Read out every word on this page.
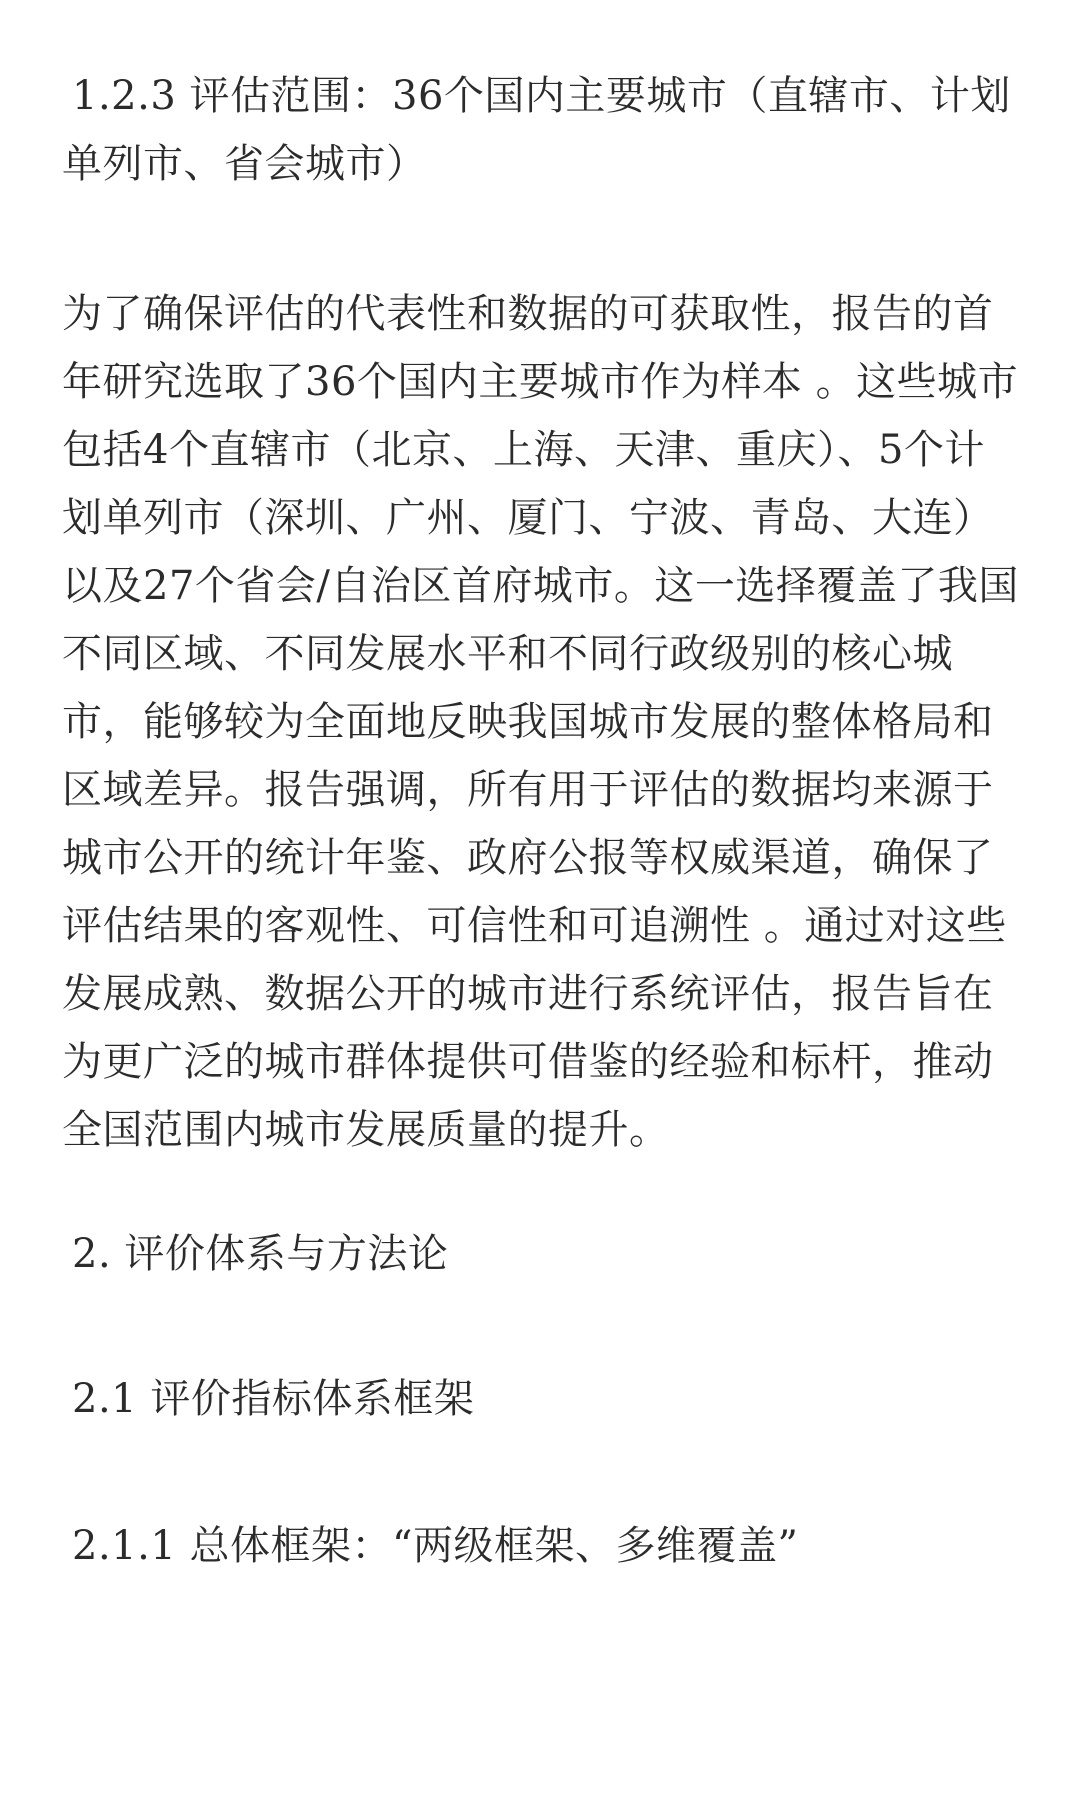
1.2.3 评估范围：36个国内主要城市（直辖市、计划
单列市、省会城市）
为了确保评估的代表性和数据的可获取性，报告的首
年研究选取了36个国内主要城市作为样本 。这些城市
包括4个直辖市（北京、上海、天津、重庆）、5个计
划单列市（深圳、广州、厦门、宁波、青岛、大连）
以及27个省会/自治区首府城市。这一选择覆盖了我国
不同区域、不同发展水平和不同行政级别的核心城
市，能够较为全面地反映我国城市发展的整体格局和
区域差异。报告强调，所有用于评估的数据均来源于
城市公开的统计年鉴、政府公报等权威渠道，确保了
评估结果的客观性、可信性和可追溯性 。通过对这些
发展成熟、数据公开的城市进行系统评估，报告旨在
为更广泛的城市群体提供可借鉴的经验和标杆，推动
全国范围内城市发展质量的提升。
2. 评价体系与方法论
2.1 评价指标体系框架
2.1.1 总体框架：“两级框架、多维覆盖”
